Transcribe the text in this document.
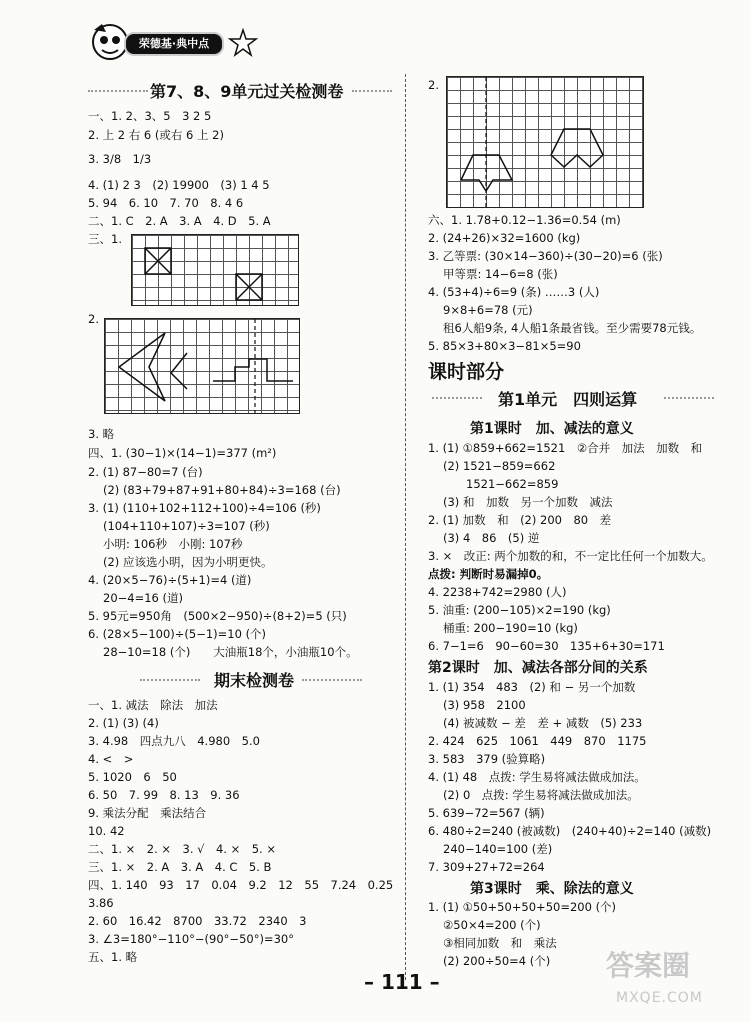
荣德基·典中点
第7、8、9单元过关检测卷
一、1. 2、3、5　3 2 5
2. 上 2 右 6 (或右 6 上 2)
3. 3/8　1/3
4. (1) 2 3　(2) 19900　(3) 1 4 5
5. 94　6. 10　7. 70　8. 4 6
二、1. C　2. A　3. A　4. D　5. A
三、1.
2.
3. 略
四、1. (30−1)×(14−1)=377 (m²)
2. (1) 87−80=7 (台)
(2) (83+79+87+91+80+84)÷3=168 (台)
3. (1) (110+102+112+100)÷4=106 (秒)
(104+110+107)÷3=107 (秒)
小明: 106秒　小刚: 107秒
(2) 应该选小明，因为小明更快。
4. (20×5−76)÷(5+1)=4 (道)
20−4=16 (道)
5. 95元=950角　(500×2−950)÷(8+2)=5 (只)
6. (28×5−100)÷(5−1)=10 (个)
28−10=18 (个)　　大油瓶18个，小油瓶10个。
期末检测卷
一、1. 减法　除法　加法
2. (1) (3) (4)
3. 4.98　四点九八　4.980　5.0
4. <　>
5. 1020　6　50
6. 50　7. 99　8. 13　9. 36
9. 乘法分配　乘法结合
10. 42
二、1. ×　2. ×　3. √　4. ×　5. ×
三、1. ×　2. A　3. A　4. C　5. B
四、1. 140　93　17　0.04　9.2　12　55　7.24　0.25
3.86
2. 60　16.42　8700　33.72　2340　3
3. ∠3=180°−110°−(90°−50°)=30°
五、1. 略
2.
六、1. 1.78+0.12−1.36=0.54 (m)
2. (24+26)×32=1600 (kg)
3. 乙等票: (30×14−360)÷(30−20)=6 (张)
甲等票: 14−6=8 (张)
4. (53+4)÷6=9 (条) ……3 (人)
9×8+6=78 (元)
租6人船9条, 4人船1条最省钱。至少需要78元钱。
5. 85×3+80×3−81×5=90
课时部分
第1单元　四则运算
第1课时　加、减法的意义
1. (1) ①859+662=1521　②合并　加法　加数　和
(2) 1521−859=662
1521−662=859
(3) 和　加数　另一个加数　减法
2. (1) 加数　和　(2) 200　80　差
(3) 4　86　(5) 逆
3. ×　改正: 两个加数的和，不一定比任何一个加数大。
点拨: 判断时易漏掉0。
4. 2238+742=2980 (人)
5. 油重: (200−105)×2=190 (kg)
桶重: 200−190=10 (kg)
6. 7−1=6　90−60=30　135+6+30=171
第2课时　加、减法各部分间的关系
1. (1) 354　483　(2) 和 − 另一个加数
(3) 958　2100
(4) 被减数 − 差　差 + 减数　(5) 233
2. 424　625　1061　449　870　1175
3. 583　379 (验算略)
4. (1) 48　点拨: 学生易将减法做成加法。
(2) 0　点拨: 学生易将减法做成加法。
5. 639−72=567 (辆)
6. 480÷2=240 (被减数)　(240+40)÷2=140 (减数)
240−140=100 (差)
7. 309+27+72=264
第3课时　乘、除法的意义
1. (1) ①50+50+50+50=200 (个)
②50×4=200 (个)
③相同加数　和　乘法
(2) 200÷50=4 (个)
– 111 –	答案圈
MXQE.COM
